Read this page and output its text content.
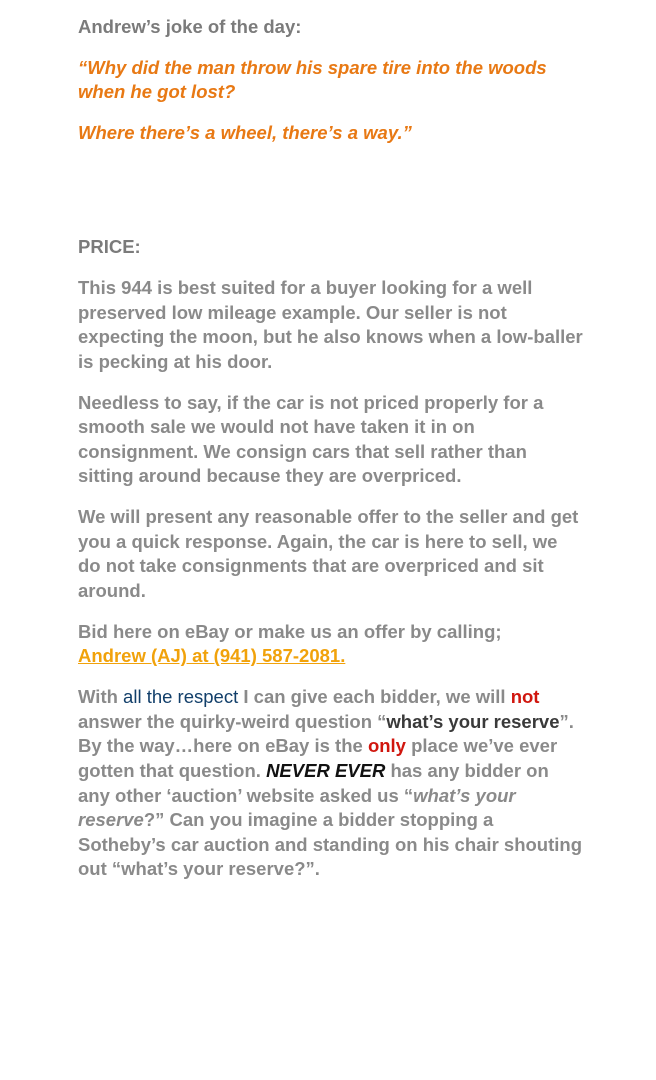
Andrew’s joke of the day:

“Why did the man throw his spare tire into the woods
when he got lost?

Where there’s a wheel, there’s a way.”

PRICE:

This 944 is best suited for a buyer looking for a well preserved low mileage example. Our seller is not expecting the moon, but he also knows when a low-baller is pecking at his door.

Needless to say, if the car is not priced properly for a smooth sale we would not have taken it in on consignment. We consign cars that sell rather than sitting around because they are overpriced.

We will present any reasonable offer to the seller and get you a quick response. Again, the car is here to sell, we do not take consignments that are overpriced and sit around.

Bid here on eBay or make us an offer by calling;
Andrew (AJ) at (941) 587-2081.

With all the respect I can give each bidder, we will not answer the quirky-weird question “what’s your reserve”. By the way…here on eBay is the only place we’ve ever gotten that question. NEVER EVER has any bidder on any other ‘auction’ website asked us “what’s your reserve?” Can you imagine a bidder stopping a Sotheby’s car auction and standing on his chair shouting out “what’s your reserve?”.
